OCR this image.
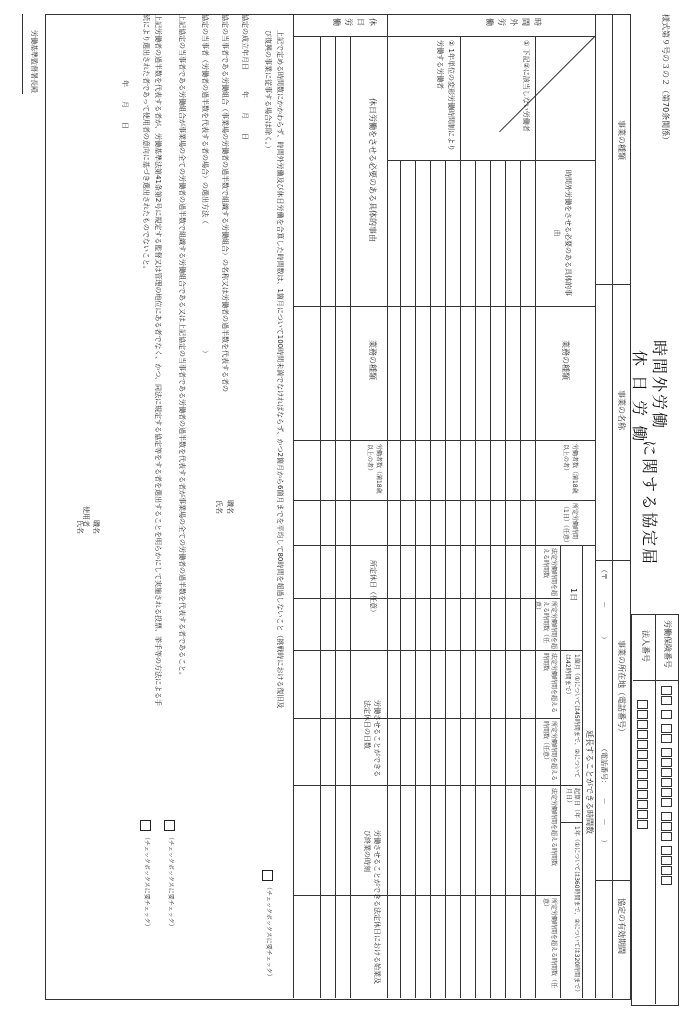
様式第９号の３の２（第70条関係）
時間外労働
休 日 労 働
に関する協定届
労働保険番号
法人番号
事業の種類
事業の名称
事業の所在地（電話番号）
（〒　　　－　　　　）
（電話番号：　　－　　－　　）
協定の有効期間
時間外労働
① 下記②に該当しない労働者
② 1年単位の変形労働時間制により労働する労働者
時間外労働をさせる必要のある具体的事由
業務の種類
労働者数（満18歳以上の者）
所定労働時間（1日）（任意）
延長することができる時間数
1日
1箇月（①については45時間まで、②については42時間まで）
1年（①については360時間まで、②については320時間まで）
起算日（年月日）
法定労働時間を超える時間数
所定労働時間を超える時間数（任意）
法定労働時間を超える時間数
所定労働時間を超える時間数（任意）
法定労働時間を超える時間数
所定労働時間を超える時間数（任意）
休日労働
休日労働をさせる必要のある具体的事由
業務の種類
労働者数（満18歳以上の者）
所定休日（任意）
労働させることができる法定休日の日数
労働させることができる法定休日における始業及び終業の時刻
上記で定める時間数にかかわらず、時間外労働及び休日労働を合算した時間数は、1箇月について100時間未満でなければならず、かつ2箇月から6箇月までを平均して80時間を超過しないこと（挑戦時における復旧及
び復興の事業に従事する場合は除く。）
（チェックボックスに要チェック）
協定の成立年月日　　　年　　月　　日
協定の当事者である労働組合（事業場の労働者の過半数で組織する労働組合）の名称又は労働者の過半数を代表する者の
職名
氏名
協定の当事者（労働者の過半数を代表する者の場合）の選出方法（　　　　　　　　　　　　　　　　　　）
上記協定の当事者である労働組合が事業場の全ての労働者の過半数で組織する労働組合である又は上記協定の当事者である労働者の過半数を代表する者が事業場の全ての労働者の過半数を代表する者であること。
（チェックボックスに要チェック）
上記労働者の過半数を代表する者が、労働基準法第41条第2号に規定する監督又は管理の地位にある者でなく、かつ、同法に規定する協定等をする者を選出することを明らかにして実施される投票、挙手等の方法による手
続により選出された者であって使用者の意向に基づき選出されたものでないこと。
（チェックボックスに要チェック）
年　　月　　日
使用者 職名
氏名
労働基準監督署長殿
